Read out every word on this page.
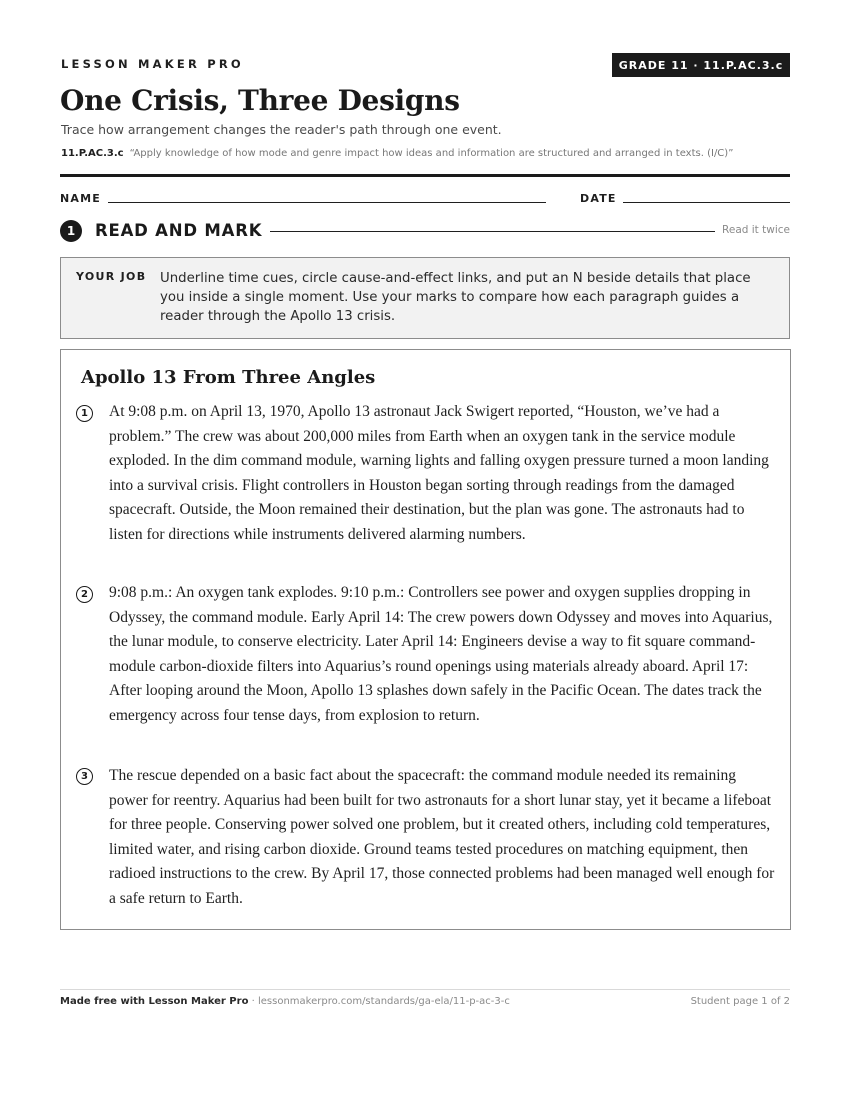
LESSON MAKER PRO	GRADE 11 · 11.P.AC.3.c
One Crisis, Three Designs
Trace how arrangement changes the reader's path through one event.
11.P.AC.3.c “Apply knowledge of how mode and genre impact how ideas and information are structured and arranged in texts. (I/C)”
NAME	DATE
1	READ AND MARK	Read it twice
YOUR JOB Underline time cues, circle cause-and-effect links, and put an N beside details that place you inside a single moment. Use your marks to compare how each paragraph guides a reader through the Apollo 13 crisis.
Apollo 13 From Three Angles
1	At 9:08 p.m. on April 13, 1970, Apollo 13 astronaut Jack Swigert reported, “Houston, we’ve had a problem.” The crew was about 200,000 miles from Earth when an oxygen tank in the service module exploded. In the dim command module, warning lights and falling oxygen pressure turned a moon landing into a survival crisis. Flight controllers in Houston began sorting through readings from the damaged spacecraft. Outside, the Moon remained their destination, but the plan was gone. The astronauts had to listen for directions while instruments delivered alarming numbers.
2	9:08 p.m.: An oxygen tank explodes. 9:10 p.m.: Controllers see power and oxygen supplies dropping in Odyssey, the command module. Early April 14: The crew powers down Odyssey and moves into Aquarius, the lunar module, to conserve electricity. Later April 14: Engineers devise a way to fit square command-module carbon-dioxide filters into Aquarius’s round openings using materials already aboard. April 17: After looping around the Moon, Apollo 13 splashes down safely in the Pacific Ocean. The dates track the emergency across four tense days, from explosion to return.
3	The rescue depended on a basic fact about the spacecraft: the command module needed its remaining power for reentry. Aquarius had been built for two astronauts for a short lunar stay, yet it became a lifeboat for three people. Conserving power solved one problem, but it created others, including cold temperatures, limited water, and rising carbon dioxide. Ground teams tested procedures on matching equipment, then radioed instructions to the crew. By April 17, those connected problems had been managed well enough for a safe return to Earth.
Made free with Lesson Maker Pro · lessonmakerpro.com/standards/ga-ela/11-p-ac-3-c	Student page 1 of 2
